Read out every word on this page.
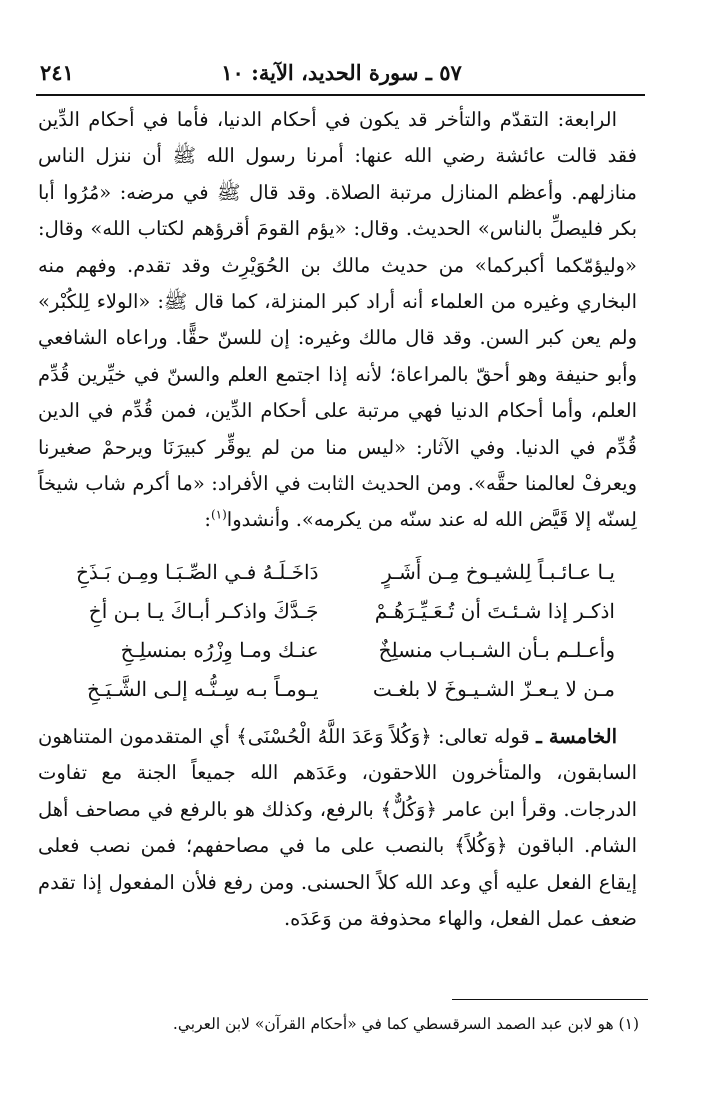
٥٧ ـ سورة الحديد، الآية: ١٠
٢٤١

الرابعة: التقدّم والتأخر قد يكون في أحكام الدنيا، فأما في أحكام الدِّين فقد قالت عائشة رضي الله عنها: أمرنا رسول الله ﷺ أن ننزل الناس منازلهم. وأعظم المنازل مرتبة الصلاة. وقد قال ﷺ في مرضه: «مُرُوا أبا بكر فليصلِّ بالناس» الحديث. وقال: «يؤم القومَ أقرؤهم لكتاب الله» وقال: «وليؤمّكما أكبركما» من حديث مالك بن الحُوَيْرِث وقد تقدم. وفهم منه البخاري وغيره من العلماء أنه أراد كبر المنزلة، كما قال ﷺ: «الولاء لِلكُبْر» ولم يعن كبر السن. وقد قال مالك وغيره: إن للسنّ حقًّا. وراعاه الشافعي وأبو حنيفة وهو أحقّ بالمراعاة؛ لأنه إذا اجتمع العلم والسنّ في خيِّرين قُدِّم العلم، وأما أحكام الدنيا فهي مرتبة على أحكام الدِّين، فمن قُدِّم في الدين قُدِّم في الدنيا. وفي الآثار: «ليس منا من لم يوقِّر كبيرَنَا ويرحمْ صغيرنا ويعرفْ لعالمنا حقَّه». ومن الحديث الثابت في الأفراد: «ما أكرم شاب شيخاً لِسنّه إلا قَيَّض الله له عند سنّه من يكرمه». وأنشدوا$^{(١)}$:

يـا عـائـبـاً لِلشيـوخ مِـن أَشَـرٍ
دَاخَـلَـهُ فـي الصِّـبَـا ومِـن بَـذَخِ
اذكـر إذا شـئـتَ أن تُـعَـيِّـرَهُـمْ
جَـدَّكَ واذكـر أبـاكَ يـا بـن أخِ
وأعـلـم بـأن الشـبـاب منسلِخٌ
عنـك ومـا وِزْرُه بمنسلِـخِ
مـن لا يـعـزّ الشـيـوخَ لا بلغـت
يـومـاً بـه سِـنُّـه إلـى الشَّـيَـخِ

الخامسة ـ قوله تعالى: ﴿وَكُلاً وَعَدَ اللَّهُ الْحُسْنَى﴾ أي المتقدمون المتناهون السابقون، والمتأخرون اللاحقون، وعَدَهم الله جميعاً الجنة مع تفاوت الدرجات. وقرأ ابن عامر ﴿وَكُلٌّ﴾ بالرفع، وكذلك هو بالرفع في مصاحف أهل الشام. الباقون ﴿وَكُلاً﴾ بالنصب على ما في مصاحفهم؛ فمن نصب فعلى إيقاع الفعل عليه أي وعد الله كلاً الحسنى. ومن رفع فلأن المفعول إذا تقدم ضعف عمل الفعل، والهاء محذوفة من وَعَدَه.

(١) هو لابن عبد الصمد السرقسطي كما في «أحكام القرآن» لابن العربي.
